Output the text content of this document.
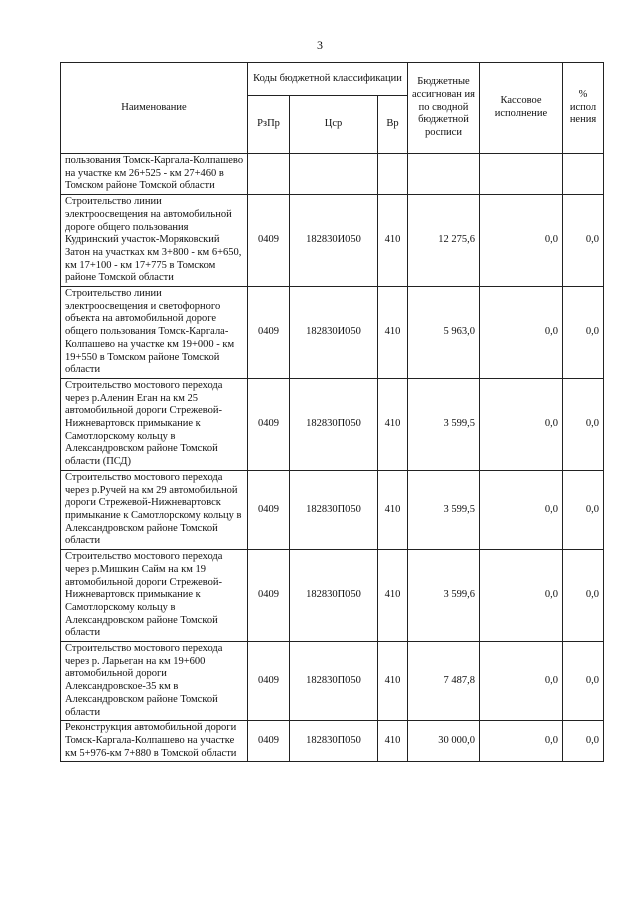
3
Наименование	Коды бюджетной классификации			Бюджетные ассигнован ия по сводной бюджетной росписи	Кассовое исполнение	% испол нения
	РзПр	Цср	Вр			
пользования Томск-Каргала-Колпашево на участке км 26+525 - км 27+460 в Томском районе Томской области						
Строительство линии электроосвещения на автомобильной дороге общего пользования Кудринский участок-Моряковский Затон на участках км 3+800 - км 6+650, км 17+100 - км 17+775 в Томском районе Томской области	0409	182830И050	410	12 275,6	0,0	0,0
Строительство линии электроосвещения и светофорного объекта на автомобильной дороге общего пользования Томск-Каргала-Колпашево на участке км 19+000 - км 19+550 в Томском районе Томской области	0409	182830И050	410	5 963,0	0,0	0,0
Строительство мостового перехода через р.Аленин Еган на км 25 автомобильной дороги Стрежевой-Нижневартовск примыкание к Самотлорскому кольцу в Александровском районе Томской области (ПСД)	0409	182830П050	410	3 599,5	0,0	0,0
Строительство мостового перехода через р.Ручей на км 29 автомобильной дороги Стрежевой-Нижневартовск примыкание к Самотлорскому кольцу в Александровском районе Томской области	0409	182830П050	410	3 599,5	0,0	0,0
Строительство мостового перехода через р.Мишкин Сайм на км 19 автомобильной дороги Стрежевой-Нижневартовск примыкание к Самотлорскому кольцу в Александровском районе Томской области	0409	182830П050	410	3 599,6	0,0	0,0
Строительство мостового перехода через р. Ларьеган на км 19+600 автомобильной дороги Александровское-35 км в Александровском районе Томской области	0409	182830П050	410	7 487,8	0,0	0,0
Реконструкция автомобильной дороги Томск-Каргала-Колпашево на участке км 5+976-км 7+880 в Томской области	0409	182830П050	410	30 000,0	0,0	0,0
